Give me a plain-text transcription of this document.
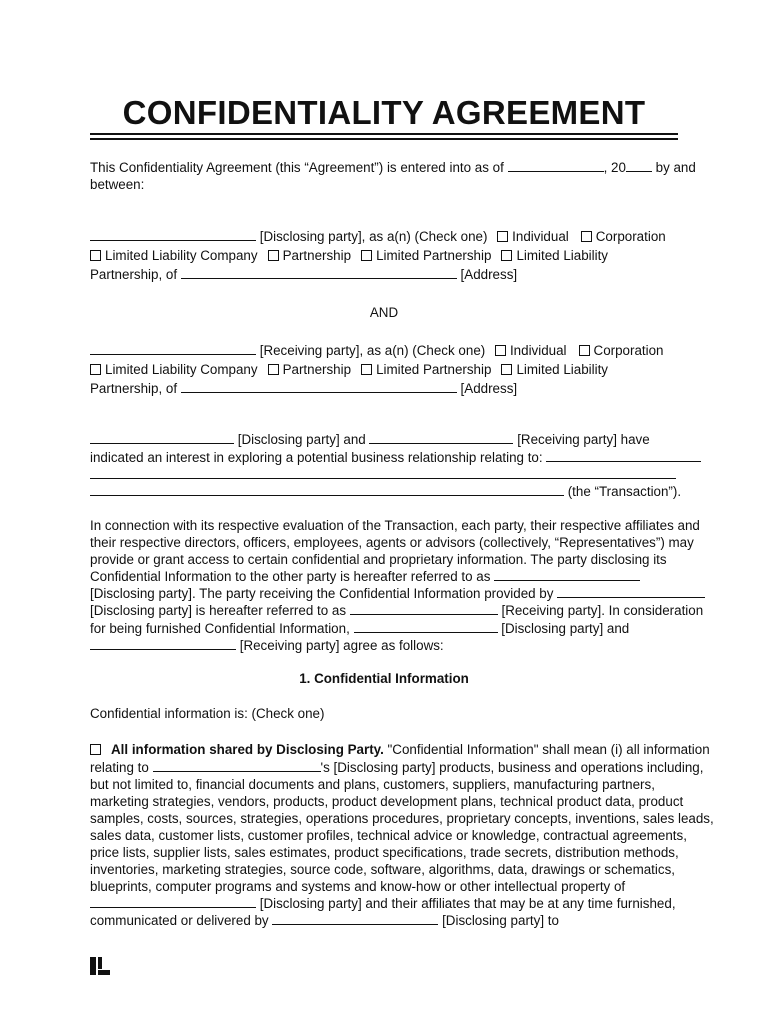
CONFIDENTIALITY AGREEMENT
This Confidentiality Agreement (this “Agreement”) is entered into as of	, 20 by and
between:
[Disclosing party], as a(n) (Check one) Individual Corporation
Limited Liability Company Partnership Limited Partnership Limited Liability
Partnership, of	[Address]
AND
[Receiving party], as a(n) (Check one) Individual Corporation
Limited Liability Company Partnership Limited Partnership Limited Liability
Partnership, of	[Address]
[Disclosing party] and	[Receiving party] have
indicated an interest in exploring a potential business relationship relating to:
(the “Transaction”).
In connection with its respective evaluation of the Transaction, each party, their respective affiliates and
their respective directors, officers, employees, agents or advisors (collectively, “Representatives”) may
provide or grant access to certain confidential and proprietary information. The party disclosing its
Confidential Information to the other party is hereafter referred to as
[Disclosing party]. The party receiving the Confidential Information provided by
[Disclosing party] is hereafter referred to as	[Receiving party]. In consideration
for being furnished Confidential Information,	[Disclosing party] and
[Receiving party] agree as follows:
1. Confidential Information
Confidential information is: (Check one)
All information shared by Disclosing Party. "Confidential Information" shall mean (i) all information
relating to	's [Disclosing party] products, business and operations including,
but not limited to, financial documents and plans, customers, suppliers, manufacturing partners,
marketing strategies, vendors, products, product development plans, technical product data, product
samples, costs, sources, strategies, operations procedures, proprietary concepts, inventions, sales leads,
sales data, customer lists, customer profiles, technical advice or knowledge, contractual agreements,
price lists, supplier lists, sales estimates, product specifications, trade secrets, distribution methods,
inventories, marketing strategies, source code, software, algorithms, data, drawings or schematics,
blueprints, computer programs and systems and know-how or other intellectual property of
[Disclosing party] and their affiliates that may be at any time furnished,
communicated or delivered by	[Disclosing party] to
